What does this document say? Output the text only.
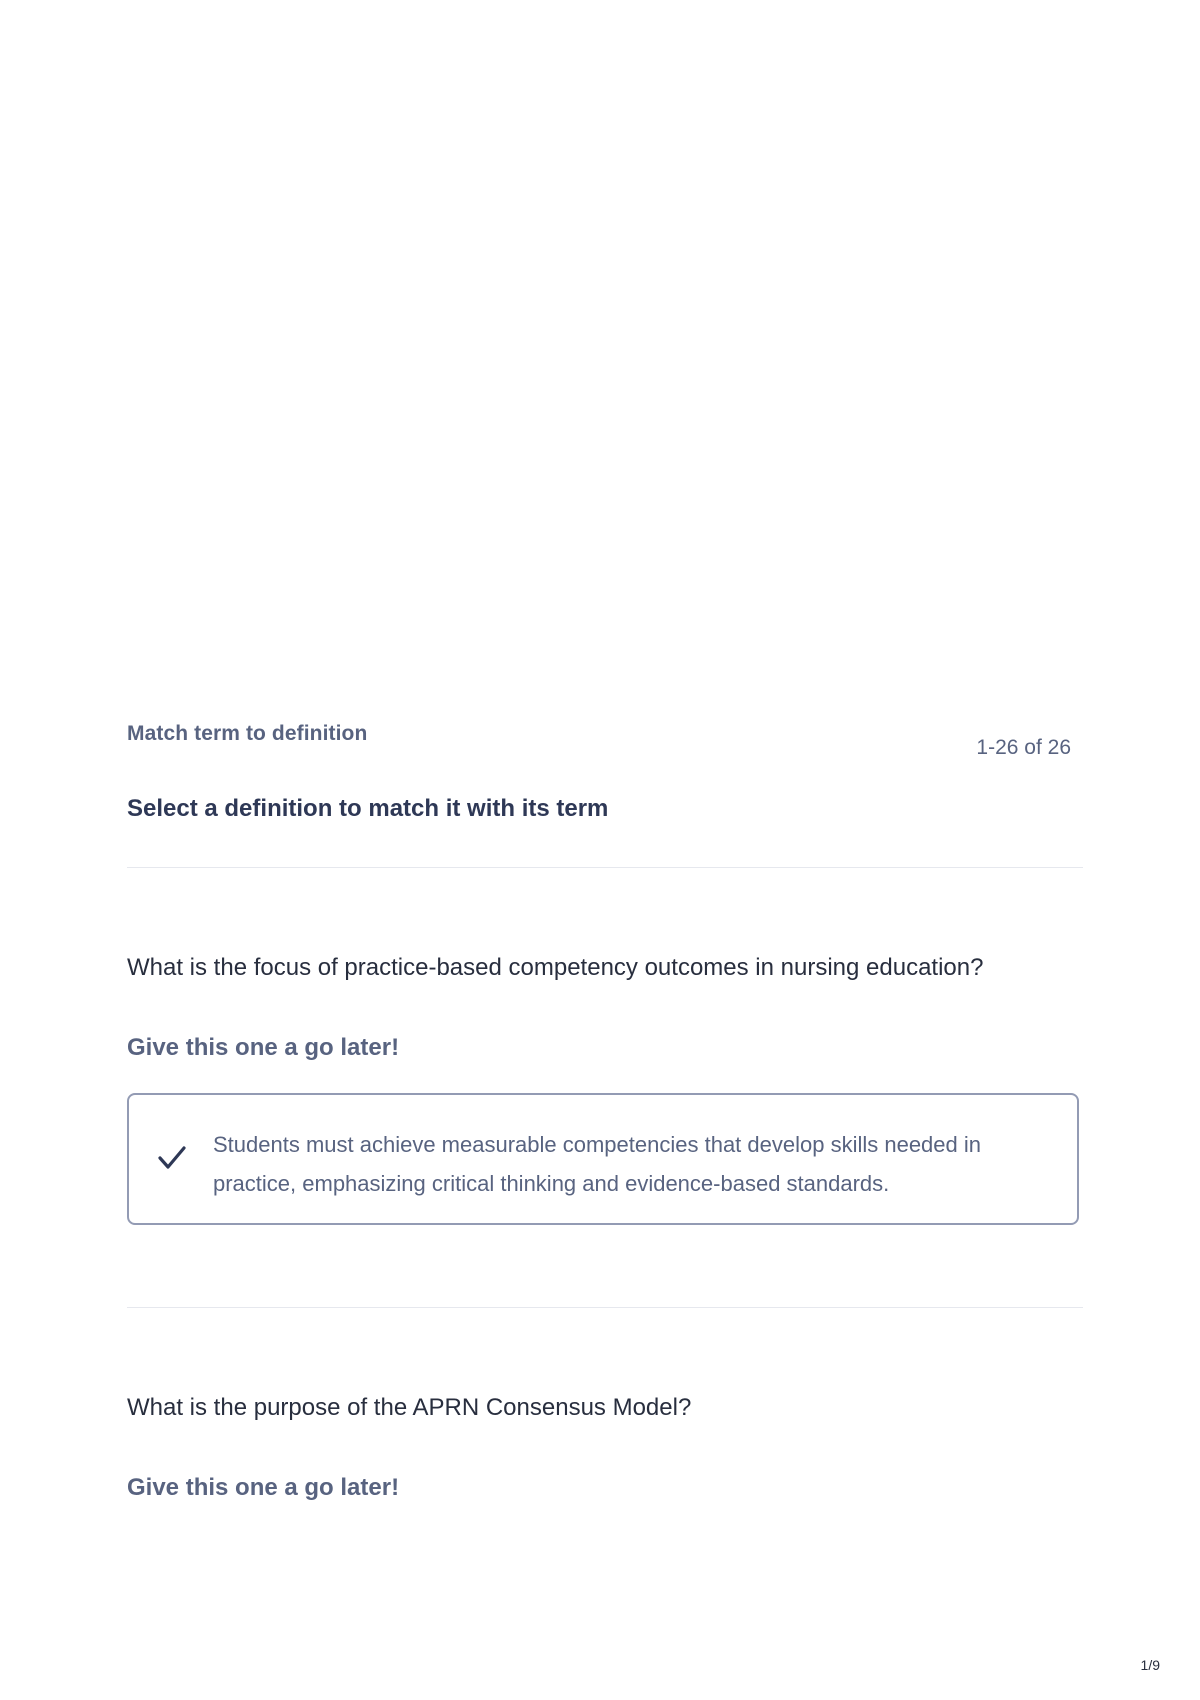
Match term to definition
1-26 of 26
Select a definition to match it with its term
What is the focus of practice-based competency outcomes in nursing education?
Give this one a go later!
Students must achieve measurable competencies that develop skills needed in practice, emphasizing critical thinking and evidence-based standards.
What is the purpose of the APRN Consensus Model?
Give this one a go later!
1/9
